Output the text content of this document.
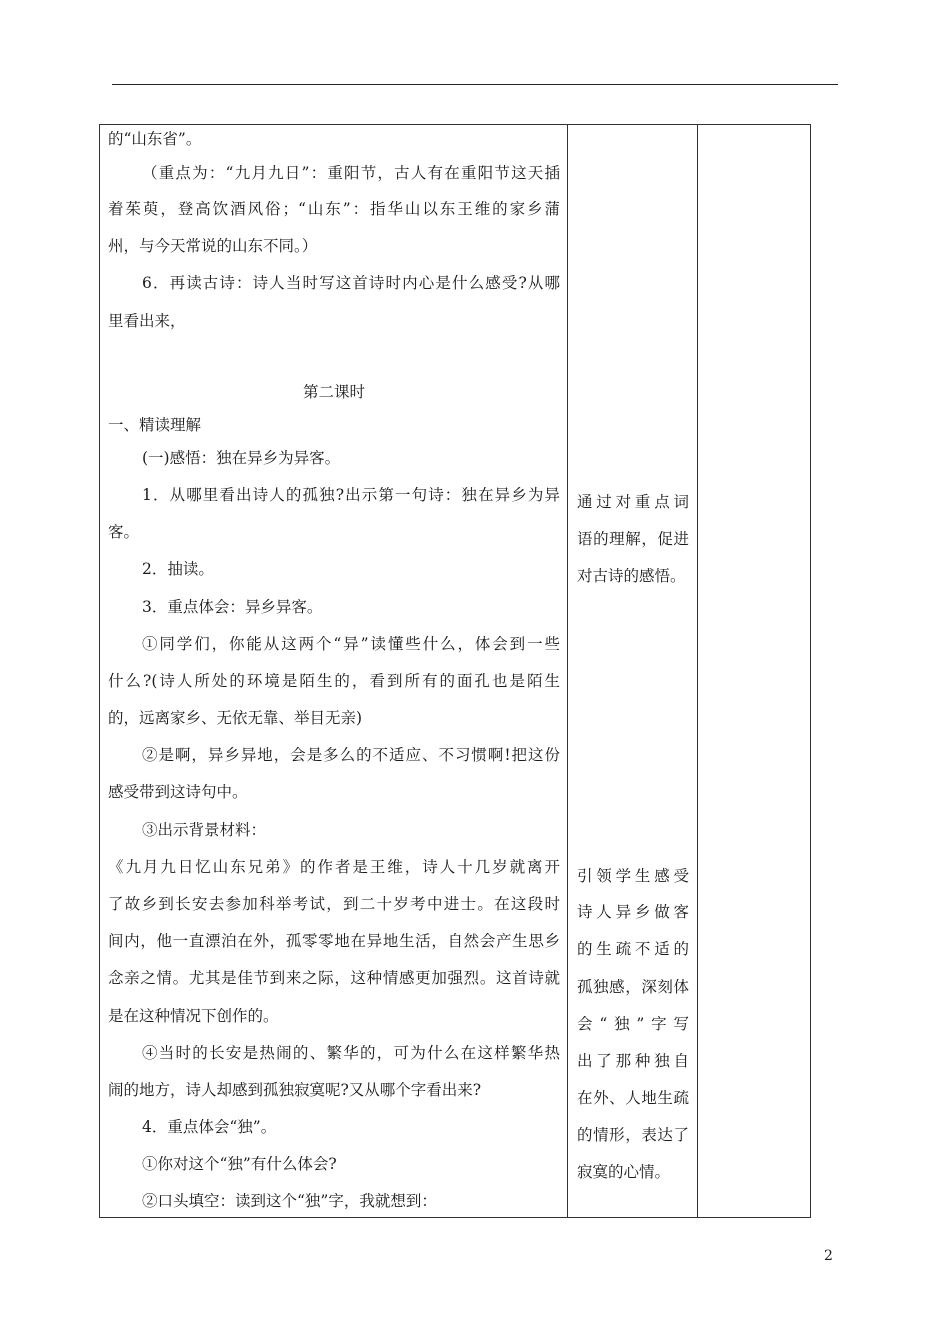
的“山东省”。
（重点为：“九月九日”：重阳节，古人有在重阳节这天插
着茱萸，登高饮酒风俗；“山东”：指华山以东王维的家乡蒲
州，与今天常说的山东不同。）
6．再读古诗：诗人当时写这首诗时内心是什么感受?从哪
里看出来，
第二课时
一、精读理解
(一)感悟：独在异乡为异客。
1．从哪里看出诗人的孤独?出示第一句诗：独在异乡为异
客。
2．抽读。
3．重点体会：异乡异客。
①同学们，你能从这两个“异”读懂些什么，体会到一些
什么?(诗人所处的环境是陌生的，看到所有的面孔也是陌生
的，远离家乡、无依无靠、举目无亲)
②是啊，异乡异地，会是多么的不适应、不习惯啊!把这份
感受带到这诗句中。
③出示背景材料：
《九月九日忆山东兄弟》的作者是王维，诗人十几岁就离开
了故乡到长安去参加科举考试，到二十岁考中进士。在这段时
间内，他一直漂泊在外，孤零零地在异地生活，自然会产生思乡
念亲之情。尤其是佳节到来之际，这种情感更加强烈。这首诗就
是在这种情况下创作的。
④当时的长安是热闹的、繁华的，可为什么在这样繁华热
闹的地方，诗人却感到孤独寂寞呢?又从哪个字看出来?
4．重点体会“独”。
①你对这个“独”有什么体会?
②口头填空：读到这个“独”字，我就想到：
通过对重点词
语的理解，促进
对古诗的感悟。
引领学生感受
诗人异乡做客
的生疏不适的
孤独感，深刻体
会“独”字写
出了那种独自
在外、人地生疏
的情形，表达了
寂寞的心情。
2
